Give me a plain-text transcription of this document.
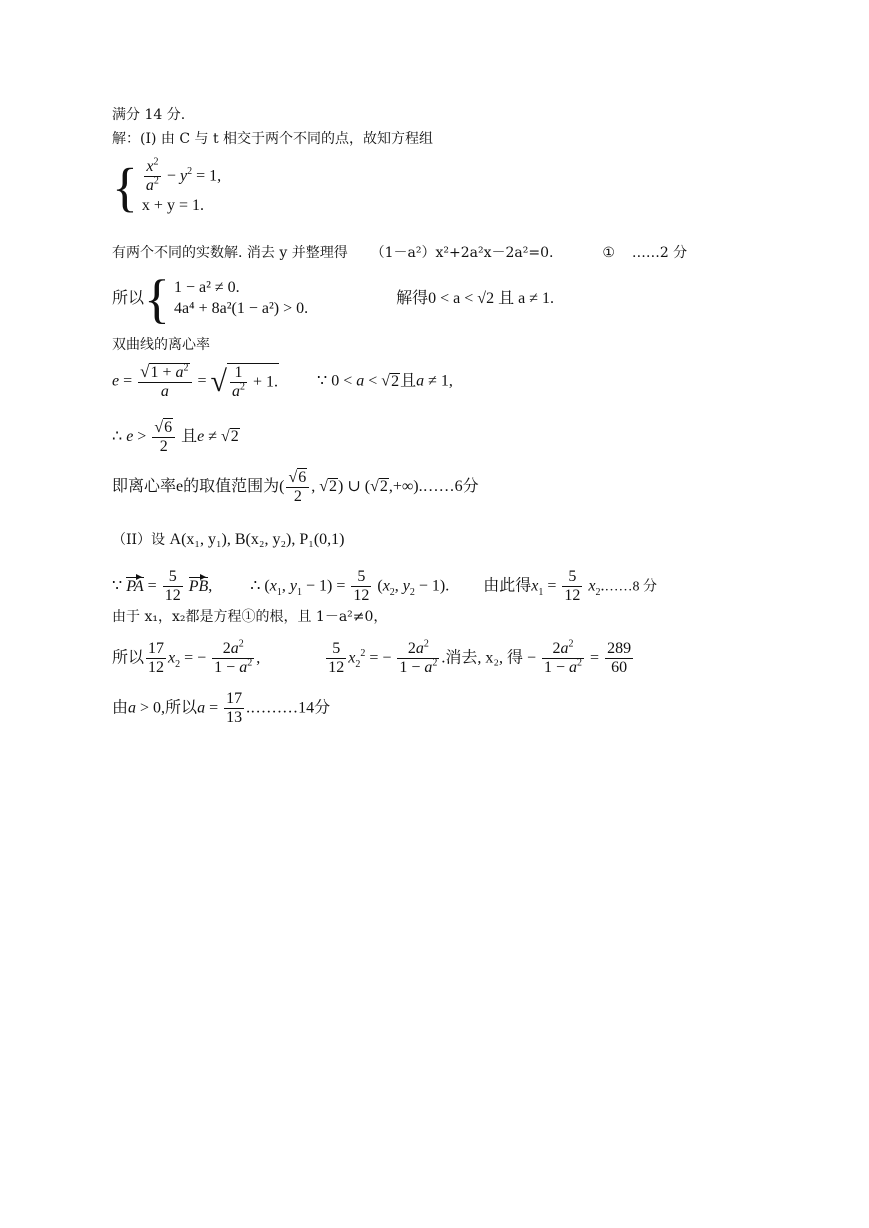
满分 14 分.
解：(I) 由 C 与 t 相交于两个不同的点，故知方程组
{ $\frac{x^2}{a^2} - y^2 = 1$,
x + y = 1.
有两个不同的实数解. 消去 y 并整理得 （1－a²）x²+2a²x－2a²=0.	① ……2 分
所以{ 1 − a² ≠ 0.
4a⁴ + 8a²(1 − a²) > 0.
解得0 < a < √2 且 a ≠ 1.
双曲线的离心率
$e = \frac{√1 + a^2}{a}$ = √ $\frac{1}{a^2} + 1$.  ∵ 0 < a < √2且a ≠ 1,
∴ $e > \frac{√6}{2}$ 且e ≠ √2
即离心率e的取值范围为( $\frac{√6}{2}$ , √2) ∪ (√2,+∞).……6分
（II）设 A(x₁, y₁), B(x₂, y₂), P₁(0,1)
∵ PA = $\frac{5}{12}$ PB,  ∴ ($x_1$, $y_1 - 1) = \frac{5}{12} (x_2$, $y_2 - 1$).  由此得$x_1 = \frac{5}{12}$ $x_2.\dots\dots 8$ 分
由于 x₁，x₂都是方程①的根，且 1－a²≠0，
所以 $\frac{17}{12} x_2$ = − $\frac{2a^2}{1 - a^2}$ ,	$\frac{5}{12} x_2^2$ = − $\frac{2a^2}{1 - a^2}$ .消去, x₂, 得 − $\frac{2a^2}{1 - a^2} = \frac{289}{60}$
由a > 0,所以$a = \frac{17}{13}$ .………14分
